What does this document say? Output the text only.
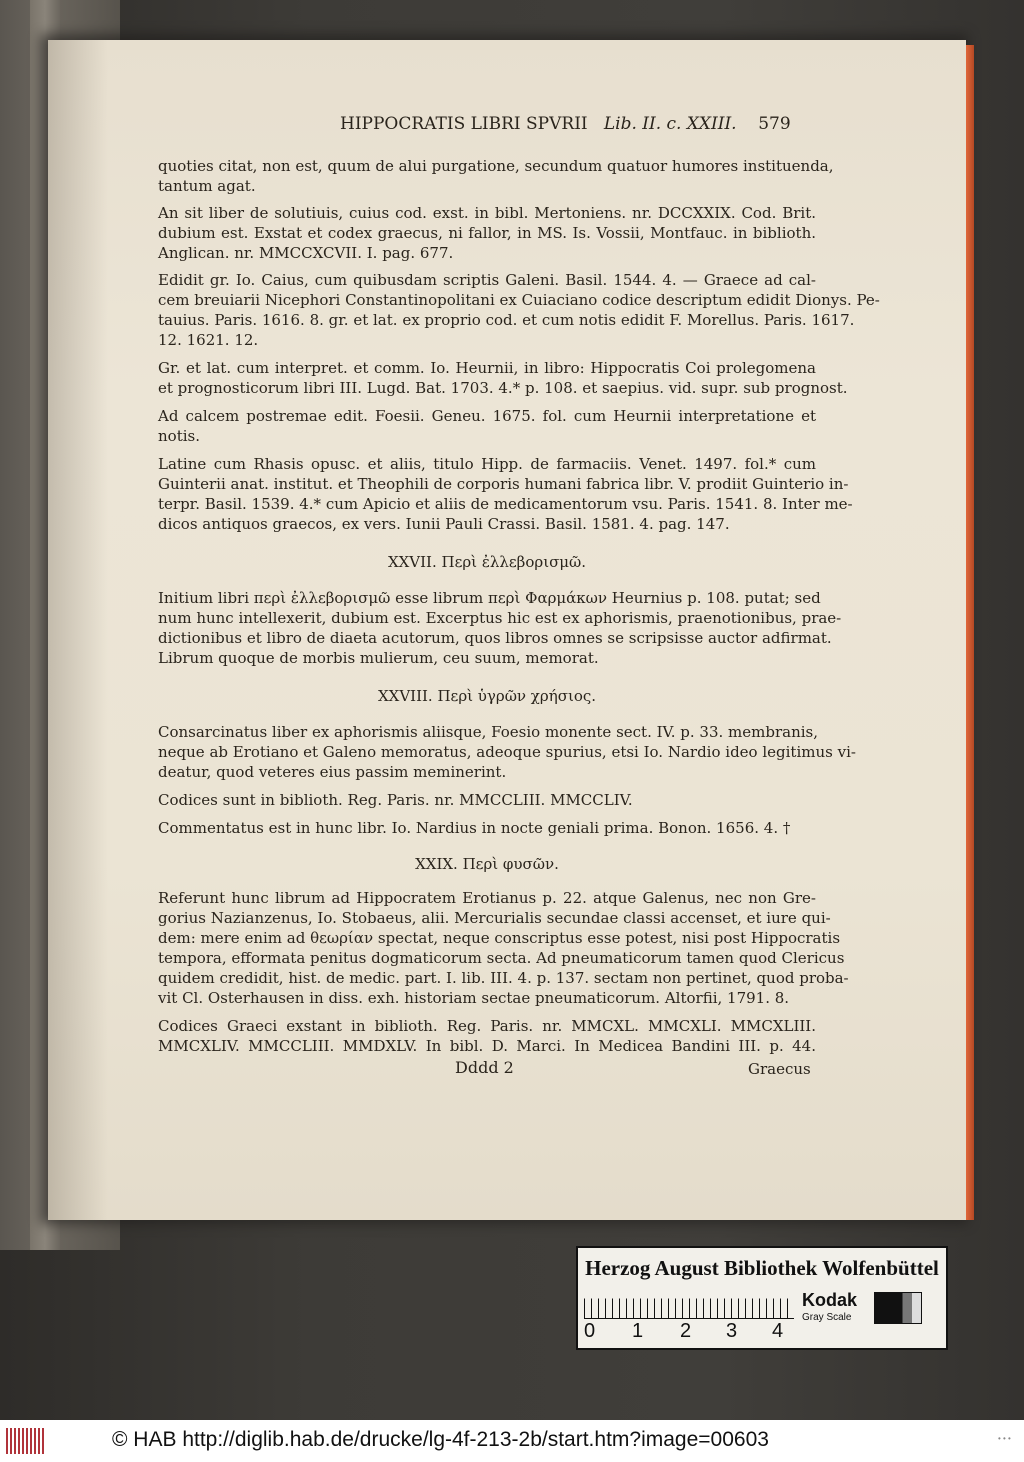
HIPPOCRATIS LIBRI SPVRII Lib. II. c. XXIII. 579
quoties citat, non est, quum de alui purgatione, secundum quatuor humores instituenda,
tantum agat.
An sit liber de solutiuis, cuius cod. exst. in bibl. Mertoniens. nr. DCCXXIX. Cod. Brit.
dubium est. Exstat et codex graecus, ni fallor, in MS. Is. Vossii, Montfauc. in biblioth.
Anglican. nr. MMCCXCVII. I. pag. 677.
Edidit gr. Io. Caius, cum quibusdam scriptis Galeni. Basil. 1544. 4. — Graece ad cal-
cem breuiarii Nicephori Constantinopolitani ex Cuiaciano codice descriptum edidit Dionys. Pe-
tauius. Paris. 1616. 8. gr. et lat. ex proprio cod. et cum notis edidit F. Morellus. Paris. 1617.
12. 1621. 12.
Gr. et lat. cum interpret. et comm. Io. Heurnii, in libro: Hippocratis Coi prolegomena
et prognosticorum libri III. Lugd. Bat. 1703. 4.* p. 108. et saepius. vid. supr. sub prognost.
Ad calcem postremae edit. Foesii. Geneu. 1675. fol. cum Heurnii interpretatione et
notis.
Latine cum Rhasis opusc. et aliis, titulo Hipp. de farmaciis. Venet. 1497. fol.* cum
Guinterii anat. institut. et Theophili de corporis humani fabrica libr. V. prodiit Guinterio in-
terpr. Basil. 1539. 4.* cum Apicio et aliis de medicamentorum vsu. Paris. 1541. 8. Inter me-
dicos antiquos graecos, ex vers. Iunii Pauli Crassi. Basil. 1581. 4. pag. 147.
XXVII. Περὶ ἐλλεβορισμῶ.
Initium libri περὶ ἐλλεβορισμῶ esse librum περὶ Φαρμάκων Heurnius p. 108. putat; sed
num hunc intellexerit, dubium est. Excerptus hic est ex aphorismis, praenotionibus, prae-
dictionibus et libro de diaeta acutorum, quos libros omnes se scripsisse auctor adfirmat.
Librum quoque de morbis mulierum, ceu suum, memorat.
XXVIII. Περὶ ὑγρῶν χρήσιος.
Consarcinatus liber ex aphorismis aliisque, Foesio monente sect. IV. p. 33. membranis,
neque ab Erotiano et Galeno memoratus, adeoque spurius, etsi Io. Nardio ideo legitimus vi-
deatur, quod veteres eius passim meminerint.
Codices sunt in biblioth. Reg. Paris. nr. MMCCLIII. MMCCLIV.
Commentatus est in hunc libr. Io. Nardius in nocte geniali prima. Bonon. 1656. 4. †
XXIX. Περὶ φυσῶν.
Referunt hunc librum ad Hippocratem Erotianus p. 22. atque Galenus, nec non Gre-
gorius Nazianzenus, Io. Stobaeus, alii. Mercurialis secundae classi accenset, et iure qui-
dem: mere enim ad θεωρίαν spectat, neque conscriptus esse potest, nisi post Hippocratis
tempora, efformata penitus dogmaticorum secta. Ad pneumaticorum tamen quod Clericus
quidem credidit, hist. de medic. part. I. lib. III. 4. p. 137. sectam non pertinet, quod proba-
vit Cl. Osterhausen in diss. exh. historiam sectae pneumaticorum. Altorfii, 1791. 8.
Codices Graeci exstant in biblioth. Reg. Paris. nr. MMCXL. MMCXLI. MMCXLIII.
MMCXLIV. MMCCLIII. MMDXLV. In bibl. D. Marci. In Medicea Bandini III. p. 44.
Dddd 2	Graecus
Herzog August Bibliothek Wolfenbüttel
0 1 2 3 4
Kodak
Gray Scale
© HAB http://diglib.hab.de/drucke/lg-4f-213-2b/start.htm?image=00603	• • •
